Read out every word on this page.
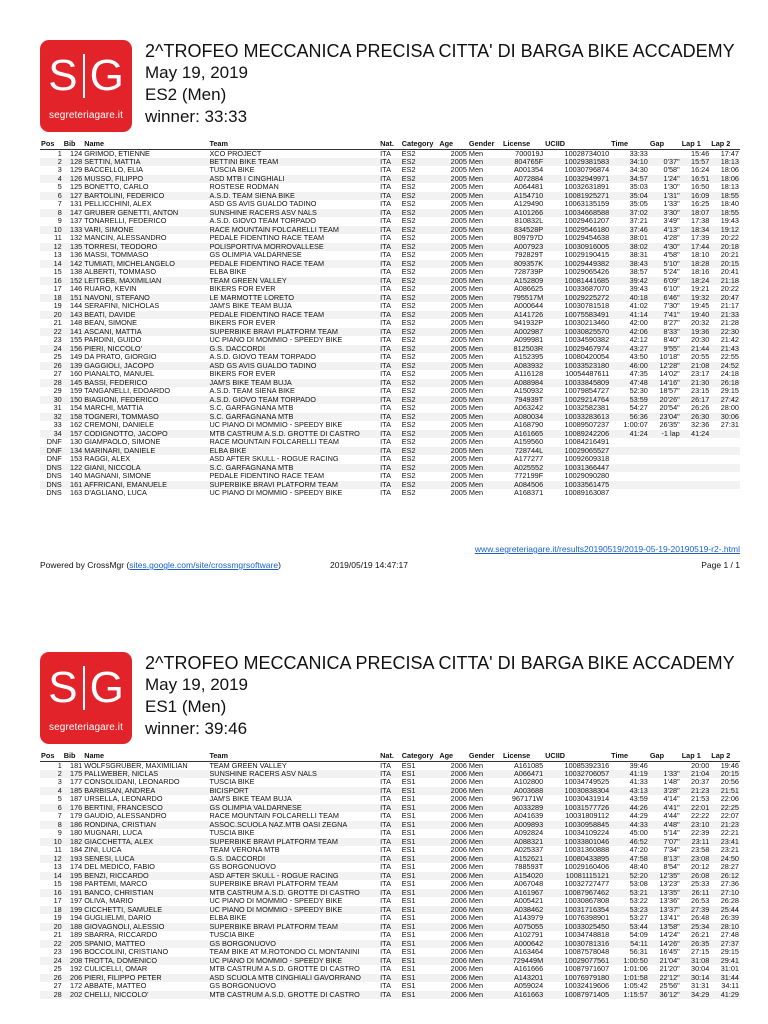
S G
segreteriagare.it
2^TROFEO MECCANICA PRECISA CITTA' DI BARGA BIKE ACCADEMY
May 19, 2019
ES2 (Men)
winner: 33:33
Pos	Bib	Name	Team	Nat.	Category	Age	Gender	License	UCIID	Time	Gap	Lap 1	Lap 2
1	124	GRIMOD, ETIENNE	XCO PROJECT	ITA	ES2	2005	Men	700019J	10028734010	33:33		15:46	17:47
2	128	SETTIN, MATTIA	BETTINI BIKE TEAM	ITA	ES2	2005	Men	804765F	10029381583	34:10	0'37"	15:57	18:13
3	129	BACCELLO, ELIA	TUSCIA BIKE	ITA	ES2	2005	Men	A001354	10030796874	34:30	0'58"	16:24	18:06
4	126	MUSSO, FILIPPO	ASD MTB I CINGHIALI	ITA	ES2	2005	Men	A072884	10032949971	34:57	1'24"	16:51	18:06
5	125	BONETTO, CARLO	ROSTESE RODMAN	ITA	ES2	2005	Men	A064481	10032631891	35:03	1'30"	16:50	18:13
6	127	BARTOLINI, FEDERICO	A.S.D. TEAM SIENA BIKE	ITA	ES2	2005	Men	A154710	10081925271	35:04	1'31"	16:09	18:55
7	131	PELLICCHINI, ALEX	ASD GS AVIS GUALDO TADINO	ITA	ES2	2005	Men	A129490	10063135159	35:05	1'33"	16:25	18:40
8	147	GRUBER GENETTI, ANTON	SUNSHINE RACERS ASV NALS	ITA	ES2	2005	Men	A101266	10034668588	37:02	3'30"	18:07	18:55
9	137	TONARELLI, FEDERICO	A.S.D. GIOVO TEAM TORPADO	ITA	ES2	2005	Men	810832L	10029461207	37:21	3'49"	17:38	19:43
10	133	VARI, SIMONE	RACE MOUNTAIN FOLCARELLI TEAM	ITA	ES2	2005	Men	834528P	10029546180	37:46	4'13"	18:34	19:12
11	132	MANCIN, ALESSANDRO	PEDALE FIDENTINO RACE TEAM	ITA	ES2	2005	Men	809797D	10029454638	38:01	4'28"	17:39	20:22
12	135	TORRESI, TEODORO	POLISPORTIVA MORROVALLESE	ITA	ES2	2005	Men	A007923	10030916005	38:02	4'30"	17:44	20:18
13	136	MASSI, TOMMASO	GS OLIMPIA VALDARNESE	ITA	ES2	2005	Men	792829T	10029190415	38:31	4'58"	18:10	20:21
14	142	TUMIATI, MICHELANGELO	PEDALE FIDENTINO RACE TEAM	ITA	ES2	2005	Men	809357K	10029449382	38:43	5'10"	18:28	20:15
15	138	ALBERTI, TOMMASO	ELBA BIKE	ITA	ES2	2005	Men	728739P	10029065426	38:57	5'24"	18:16	20:41
16	152	LEITGEB, MAXIMILIAN	TEAM GREEN VALLEY	ITA	ES2	2005	Men	A152809	10081441685	39:42	6'09"	18:24	21:18
17	146	RUARO, KEVIN	BIKERS FOR EVER	ITA	ES2	2005	Men	A086625	10033687070	39:43	6'10"	19:21	20:22
18	151	NAVONI, STEFANO	LE MARMOTTE LORETO	ITA	ES2	2005	Men	795517M	10029225272	40:18	6'46"	19:32	20:47
19	144	SERAFINI, NICHOLAS	JAM'S BIKE TEAM BUJA	ITA	ES2	2005	Men	A000644	10030781518	41:02	7'30"	19:45	21:17
20	143	BEATI, DAVIDE	PEDALE FIDENTINO RACE TEAM	ITA	ES2	2005	Men	A141726	10075583491	41:14	7'41"	19:40	21:33
21	148	BEAN, SIMONE	BIKERS FOR EVER	ITA	ES2	2005	Men	941932P	10030213460	42:00	8'27"	20:32	21:28
22	141	ASCANI, MATTIA	SUPERBIKE BRAVI PLATFORM TEAM	ITA	ES2	2005	Men	A002987	10030825570	42:06	8'33"	19:36	22:30
23	155	PARDINI, GUIDO	UC PIANO DI MOMMIO - SPEEDY BIKE	ITA	ES2	2005	Men	A099981	10034590382	42:12	8'40"	20:30	21:42
24	156	PIERI, NICCOLO'	G.S. DACCORDI	ITA	ES2	2005	Men	812503R	10029467974	43:27	9'55"	21:44	21:43
25	149	DA PRATO, GIORGIO	A.S.D. GIOVO TEAM TORPADO	ITA	ES2	2005	Men	A152395	10080420054	43:50	10'18"	20:55	22:55
26	139	GAGGIOLI, JACOPO	ASD GS AVIS GUALDO TADINO	ITA	ES2	2005	Men	A083932	10033523180	46:00	12'28"	21:08	24:52
27	160	PIANALTO, MANUEL	BIKERS FOR EVER	ITA	ES2	2005	Men	A116128	10054487611	47:35	14'02"	23:17	24:18
28	145	BASSI, FEDERICO	JAM'S BIKE TEAM BUJA	ITA	ES2	2005	Men	A088984	10033845809	47:48	14'16"	21:30	26:18
29	159	TANGANELLI, EDOARDO	A.S.D. TEAM SIENA BIKE	ITA	ES2	2005	Men	A150932	10079854727	52:30	18'57"	23:15	29:15
30	150	BIAGIONI, FEDERICO	A.S.D. GIOVO TEAM TORPADO	ITA	ES2	2005	Men	794939T	10029214764	53:59	20'26"	26:17	27:42
31	154	MARCHI, MATTIA	S.C. GARFAGNANA MTB	ITA	ES2	2005	Men	A063242	10032582381	54:27	20'54"	26:26	28:00
32	158	TOGNERI, TOMMASO	S.C. GARFAGNANA MTB	ITA	ES2	2005	Men	A080034	10033283613	56:36	23'04"	26:30	30:06
33	162	CREMONI, DANIELE	UC PIANO DI MOMMIO - SPEEDY BIKE	ITA	ES2	2005	Men	A168790	10089507237	1:00:07	26'35"	32:36	27:31
34	157	CODIGNOTTO, JACOPO	MTB CASTRUM A.S.D. GROTTE DI CASTRO	ITA	ES2	2005	Men	A161665	10089242206	41:24	-1 lap	41:24	
DNF	130	GIAMPAOLO, SIMONE	RACE MOUNTAIN FOLCARELLI TEAM	ITA	ES2	2005	Men	A159560	10084216491				
DNF	134	MARINARI, DANIELE	ELBA BIKE	ITA	ES2	2005	Men	728744L	10029065527				
DNF	153	RAGGI, ALEX	ASD AFTER SKULL - ROGUE RACING	ITA	ES2	2005	Men	A177277	10092609318				
DNS	122	GIANI, NICCOLA	S.C. GARFAGNANA MTB	ITA	ES2	2005	Men	A025552	10031366447				
DNS	140	MAGNANI, SIMONE	PEDALE FIDENTINO RACE TEAM	ITA	ES2	2005	Men	772199F	10029090280				
DNS	161	AFFRICANI, EMANUELE	SUPERBIKE BRAVI PLATFORM TEAM	ITA	ES2	2005	Men	A084506	10033561475				
DNS	163	D'AGLIANO, LUCA	UC PIANO DI MOMMIO - SPEEDY BIKE	ITA	ES2	2005	Men	A168371	10089163087				
www.segreteriagare.it/results20190519/2019-05-19-20190519-r2-.html
Powered by CrossMgr (sites.google.com/site/crossmgrsoftware)	2019/05/19 14:47:17	Page 1 / 1
S G
segreteriagare.it
2^TROFEO MECCANICA PRECISA CITTA' DI BARGA BIKE ACCADEMY
May 19, 2019
ES1 (Men)
winner: 39:46
Pos	Bib	Name	Team	Nat.	Category	Age	Gender	License	UCIID	Time	Gap	Lap 1	Lap 2
1	181	WOLFSGRUBER, MAXIMILIAN	TEAM GREEN VALLEY	ITA	ES1	2006	Men	A161085	10085392316	39:46		20:00	19:46
2	175	PALLWEBER, NICLAS	SUNSHINE RACERS ASV NALS	ITA	ES1	2006	Men	A066471	10032706057	41:19	1'33"	21:04	20:15
3	177	CONSOLIDANI, LEONARDO	TUSCIA BIKE	ITA	ES1	2006	Men	A102800	10034749525	41:33	1'48"	20:37	20:56
4	185	BARBISAN, ANDREA	BICISPORT	ITA	ES1	2006	Men	A003688	10030838304	43:13	3'28"	21:23	21:51
5	187	URSELLA, LEONARDO	JAM'S BIKE TEAM BUJA	ITA	ES1	2006	Men	967171W	10030431914	43:59	4'14"	21:53	22:06
6	176	BERTINI, FRANCESCO	GS OLIMPIA VALDARNESE	ITA	ES1	2006	Men	A033289	10031577726	44:26	4'41"	22:01	22:25
7	179	GAUDIO, ALESSANDRO	RACE MOUNTAIN FOLCARELLI TEAM	ITA	ES1	2006	Men	A041639	10031809112	44:29	4'44"	22:22	22:07
8	186	RONDINA, CRISTIAN	ASSOC.SCUOLA NAZ.MTB OASI ZEGNA	ITA	ES1	2006	Men	A009893	10030958845	44:33	4'48"	23:10	21:23
9	180	MUGNARI, LUCA	TUSCIA BIKE	ITA	ES1	2006	Men	A092824	10034109224	45:00	5'14"	22:39	22:21
10	182	GIACCHETTA, ALEX	SUPERBIKE BRAVI PLATFORM TEAM	ITA	ES1	2006	Men	A088321	10033801046	46:52	7'07"	23:11	23:41
11	184	ZINI, LUCA	TEAM VERONA MTB	ITA	ES1	2006	Men	A025337	10031360888	47:20	7'34"	23:58	23:21
12	193	SENESI, LUCA	G.S. DACCORDI	ITA	ES1	2006	Men	A152621	10080433895	47:58	8'13"	23:08	24:50
13	174	DEL MEDICO, FABIO	GS BORGONUOVO	ITA	ES1	2006	Men	788593T	10029160406	48:40	8'54"	20:12	28:27
14	195	BENZI, RICCARDO	ASD AFTER SKULL - ROGUE RACING	ITA	ES1	2006	Men	A154020	10081115121	52:20	12'35"	26:08	26:12
15	198	PARTEMI, MARCO	SUPERBIKE BRAVI PLATFORM TEAM	ITA	ES1	2006	Men	A067048	10032727477	53:08	13'23"	25:33	27:36
16	191	BANCO, CHRISTIAN	MTB CASTRUM A.S.D. GROTTE DI CASTRO	ITA	ES1	2006	Men	A161967	10087967462	53:21	13'35"	26:11	27:10
17	197	OLIVA, MARIO	UC PIANO DI MOMMIO - SPEEDY BIKE	ITA	ES1	2006	Men	A005421	10030867808	53:22	13'36"	26:53	26:28
18	199	CICCHETTI, SAMUELE	UC PIANO DI MOMMIO - SPEEDY BIKE	ITA	ES1	2006	Men	A038462	10031716354	53:23	13'37"	27:39	25:44
19	194	GUGLIELMI, DARIO	ELBA BIKE	ITA	ES1	2006	Men	A143979	10076398901	53:27	13'41"	26:48	26:39
20	188	GIOVAGNOLI, ALESSIO	SUPERBIKE BRAVI PLATFORM TEAM	ITA	ES1	2006	Men	A075055	10033025450	53:44	13'58"	25:34	28:10
21	189	SBARRA, RICCARDO	TUSCIA BIKE	ITA	ES1	2006	Men	A102791	10034748818	54:09	14'24"	26:21	27:48
22	205	SPANIO, MATTEO	GS BORGONUOVO	ITA	ES1	2006	Men	A000642	10030781316	54:11	14'26"	26:35	27:37
23	196	BOCCOLINI, CRISTIANO	TEAM BIKE AT M.ROTONDO CL MONTANINI	ITA	ES1	2006	Men	A163464	10087578048	56:31	16'45"	27:15	29:15
24	208	TROTTA, DOMENICO	UC PIANO DI MOMMIO - SPEEDY BIKE	ITA	ES1	2006	Men	729449M	10029077561	1:00:50	21'04"	31:08	29:41
25	192	CULICELLI, OMAR	MTB CASTRUM A.S.D. GROTTE DI CASTRO	ITA	ES1	2006	Men	A161666	10087971607	1:01:06	21'20"	30:04	31:01
26	206	PIERI, FILIPPO PETER	ASD SCUOLA MTB CINGHIALI GAVORRANO	ITA	ES1	2006	Men	A143201	10076979180	1:01:58	22'12"	30:14	31:44
27	172	ABBATE, MATTEO	GS BORGONUOVO	ITA	ES1	2006	Men	A059024	10032419606	1:05:42	25'56"	31:31	34:11
28	202	CHELLI, NICCOLO'	MTB CASTRUM A.S.D. GROTTE DI CASTRO	ITA	ES1	2006	Men	A161663	10087971405	1:15:57	36'12"	34:29	41:29
